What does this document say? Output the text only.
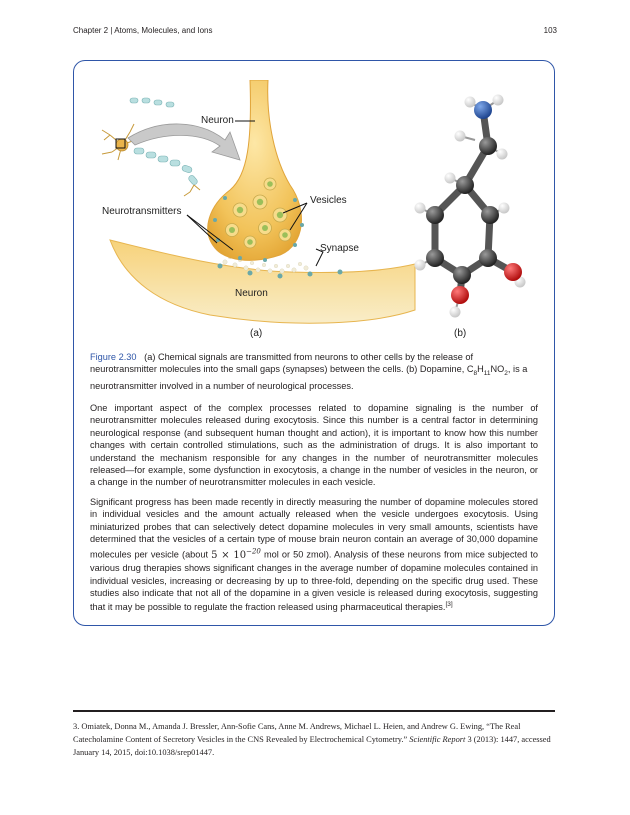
Chapter 2 | Atoms, Molecules, and Ions	103
Neuron
Vesicles
Neurotransmitters
Synapse
Neuron
(a)	(b)
Figure 2.30 (a) Chemical signals are transmitted from neurons to other cells by the release of neurotransmitter molecules into the small gaps (synapses) between the cells. (b) Dopamine, $C_8H_{11}NO_2$, is a neurotransmitter involved in a number of neurological processes.

One important aspect of the complex processes related to dopamine signaling is the number of neurotransmitter molecules released during exocytosis. Since this number is a central factor in determining neurological response (and subsequent human thought and action), it is important to know how this number changes with certain controlled stimulations, such as the administration of drugs. It is also important to understand the mechanism responsible for any changes in the number of neurotransmitter molecules released—for example, some dysfunction in exocytosis, a change in the number of vesicles in the neuron, or a change in the number of neurotransmitter molecules in each vesicle.

Significant progress has been made recently in directly measuring the number of dopamine molecules stored in individual vesicles and the amount actually released when the vesicle undergoes exocytosis. Using miniaturized probes that can selectively detect dopamine molecules in very small amounts, scientists have determined that the vesicles of a certain type of mouse brain neuron contain an average of 30,000 dopamine molecules per vesicle (about $5 \times 10^{-20}$ mol or 50 zmol). Analysis of these neurons from mice subjected to various drug therapies shows significant changes in the average number of dopamine molecules contained in individual vesicles, increasing or decreasing by up to three-fold, depending on the specific drug used. These studies also indicate that not all of the dopamine in a given vesicle is released during exocytosis, suggesting that it may be possible to regulate the fraction released using pharmaceutical therapies.[3]

3. Omiatek, Donna M., Amanda J. Bressler, Ann-Sofie Cans, Anne M. Andrews, Michael L. Heien, and Andrew G. Ewing, “The Real Catecholamine Content of Secretory Vesicles in the CNS Revealed by Electrochemical Cytometry.” Scientific Report 3 (2013): 1447, accessed January 14, 2015, doi:10.1038/srep01447.
